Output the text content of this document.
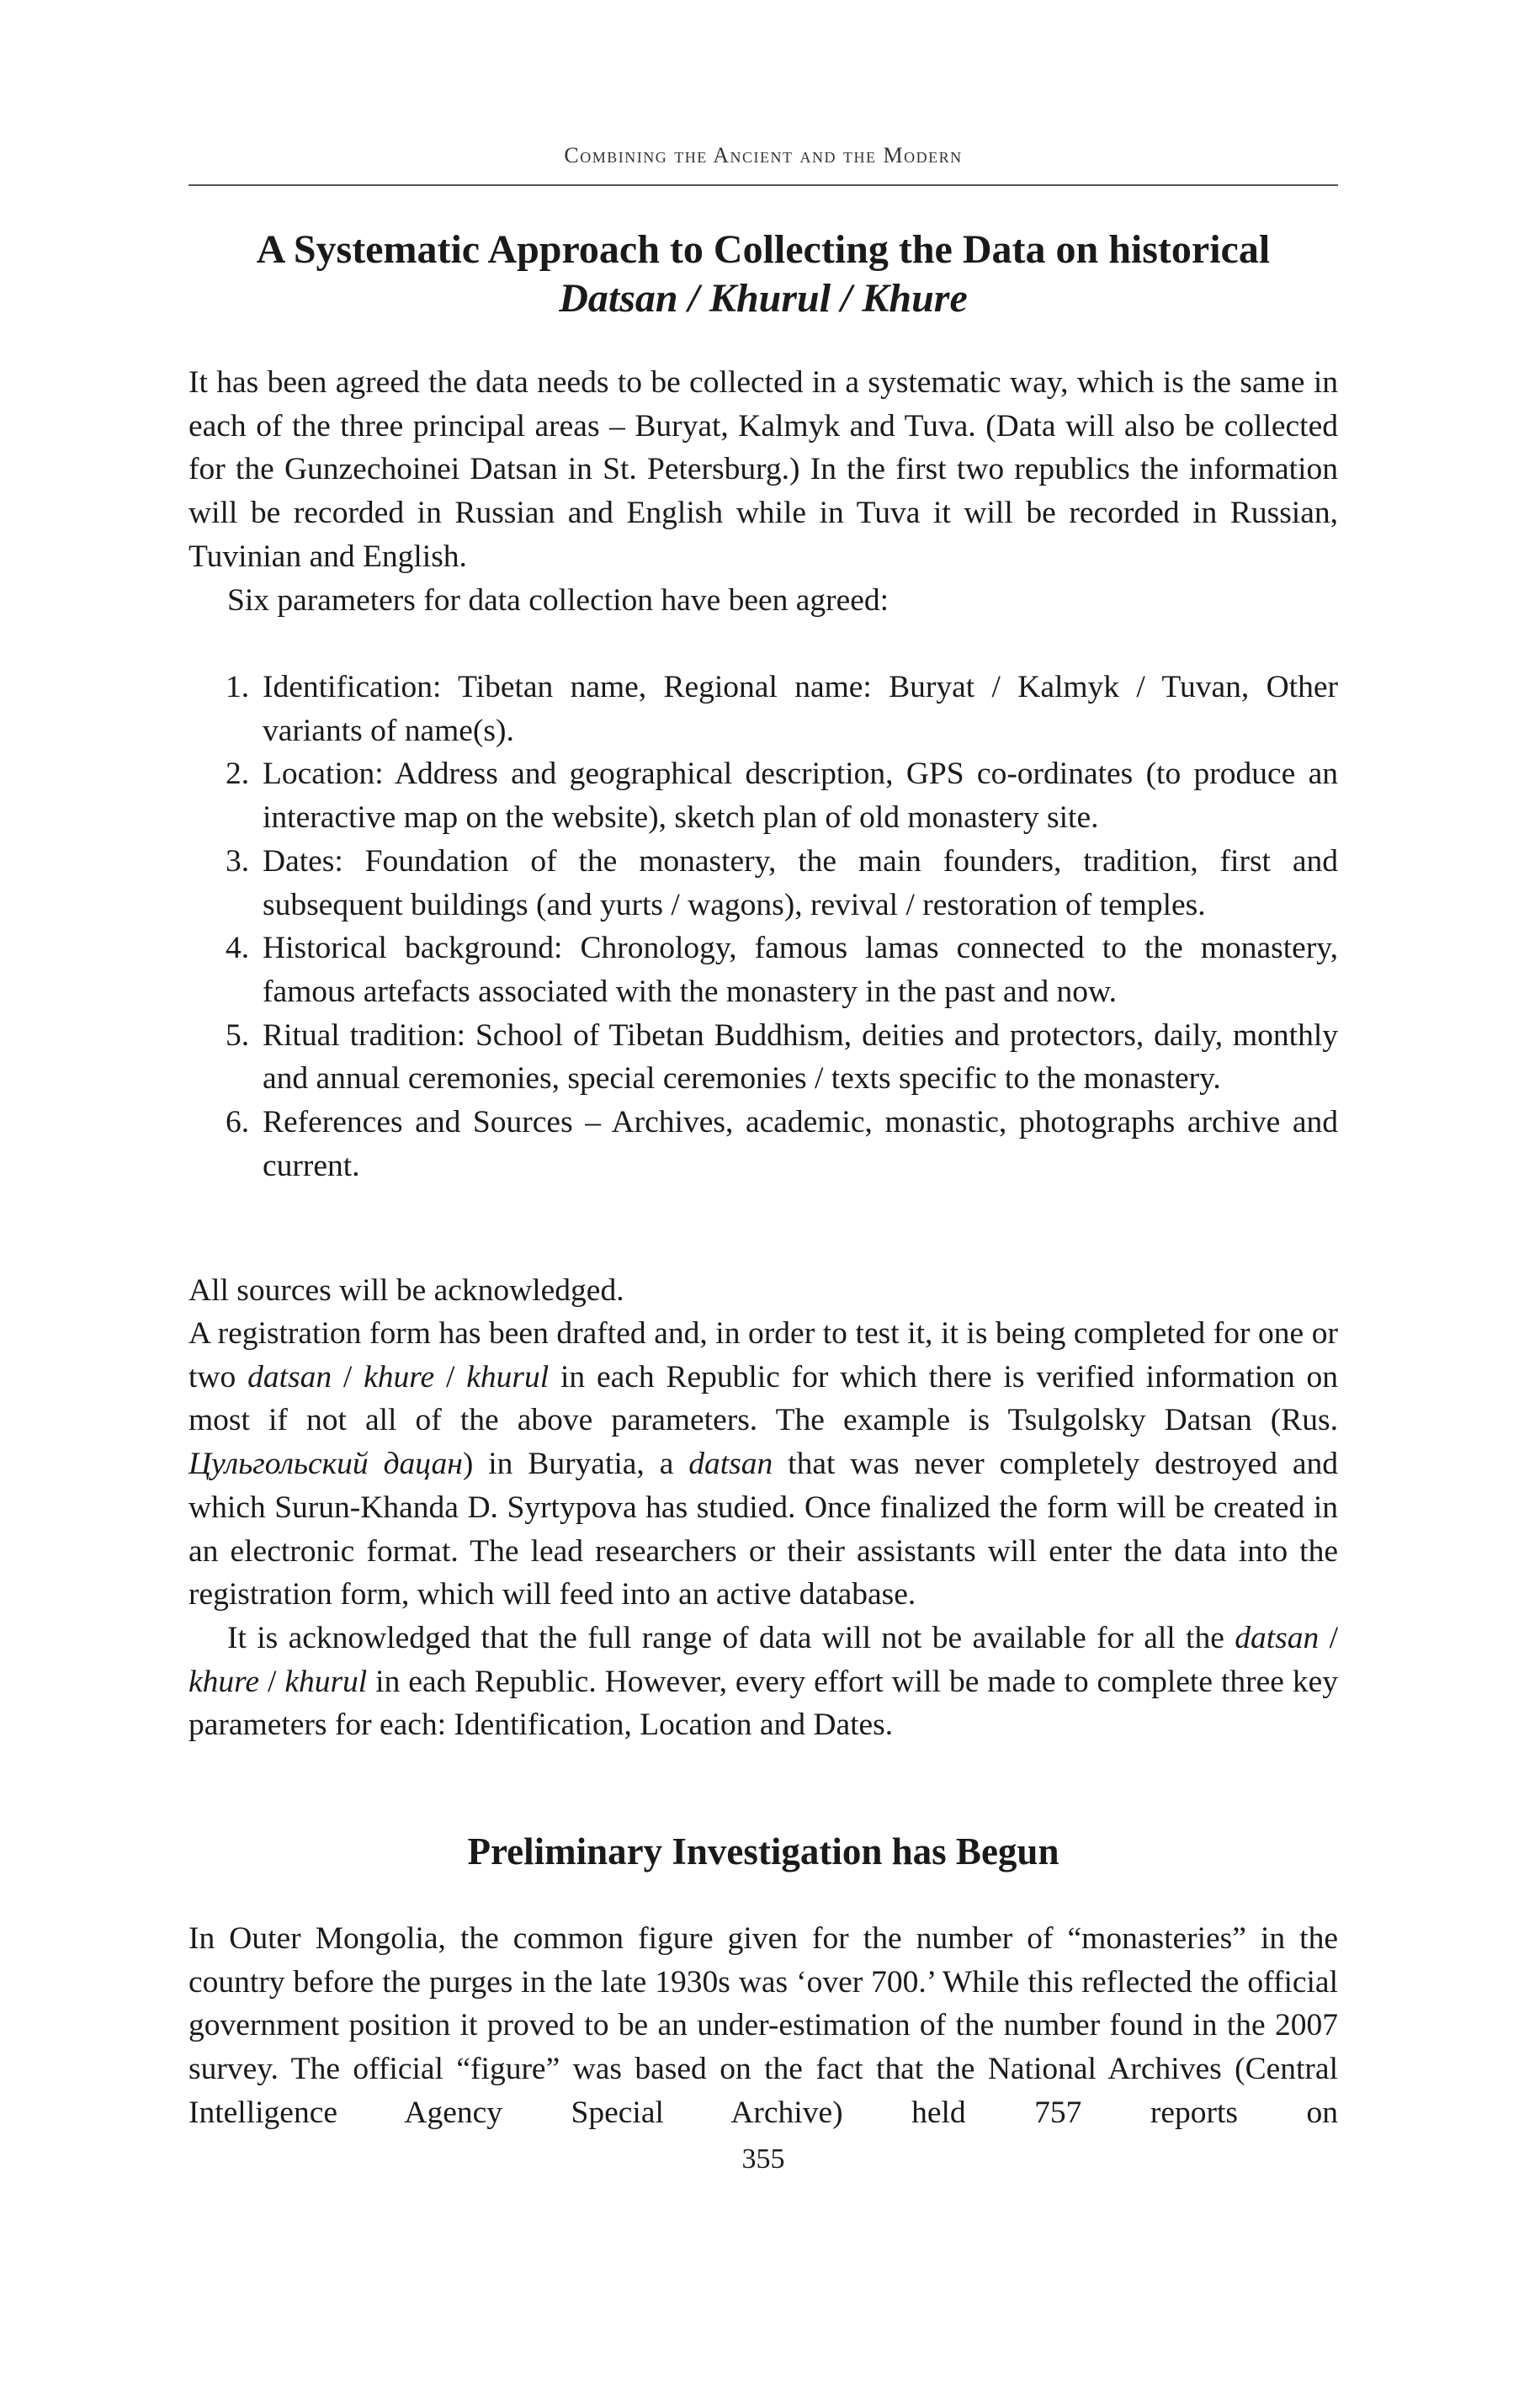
Combining the Ancient and the Modern
A Systematic Approach to Collecting the Data on historical
Datsan / Khurul / Khure

It has been agreed the data needs to be collected in a systematic way, which is the same in each of the three principal areas – Buryat, Kalmyk and Tuva. (Data will also be collected for the Gunzechoinei Datsan in St. Petersburg.) In the first two republics the information will be recorded in Russian and English while in Tuva it will be recorded in Russian, Tuvinian and English.

Six parameters for data collection have been agreed:

1. Identification: Tibetan name, Regional name: Buryat / Kalmyk / Tuvan, Other variants of name(s).
2. Location: Address and geographical description, GPS co-ordinates (to produce an interactive map on the website), sketch plan of old monastery site.
3. Dates: Foundation of the monastery, the main founders, tradition, first and subsequent buildings (and yurts / wagons), revival / restoration of temples.
4. Historical background: Chronology, famous lamas connected to the monastery, famous artefacts associated with the monastery in the past and now.
5. Ritual tradition: School of Tibetan Buddhism, deities and protectors, daily, monthly and annual ceremonies, special ceremonies / texts specific to the monastery.
6. References and Sources – Archives, academic, monastic, photographs archive and current.

All sources will be acknowledged.

A registration form has been drafted and, in order to test it, it is being completed for one or two datsan / khure / khurul in each Republic for which there is verified information on most if not all of the above parameters. The example is Tsulgolsky Datsan (Rus. Цульгольский дацан) in Buryatia, a datsan that was never completely destroyed and which Surun-Khanda D. Syrtypova has studied. Once finalized the form will be created in an electronic format. The lead researchers or their assistants will enter the data into the registration form, which will feed into an active database.

It is acknowledged that the full range of data will not be available for all the datsan / khure / khurul in each Republic. However, every effort will be made to complete three key parameters for each: Identification, Location and Dates.

Preliminary Investigation has Begun

In Outer Mongolia, the common figure given for the number of “monasteries” in the country before the purges in the late 1930s was ‘over 700.’ While this reflected the official government position it proved to be an under-estimation of the number found in the 2007 survey. The official “figure” was based on the fact that the National Archives (Central Intelligence Agency Special Archive) held 757 reports on

355
